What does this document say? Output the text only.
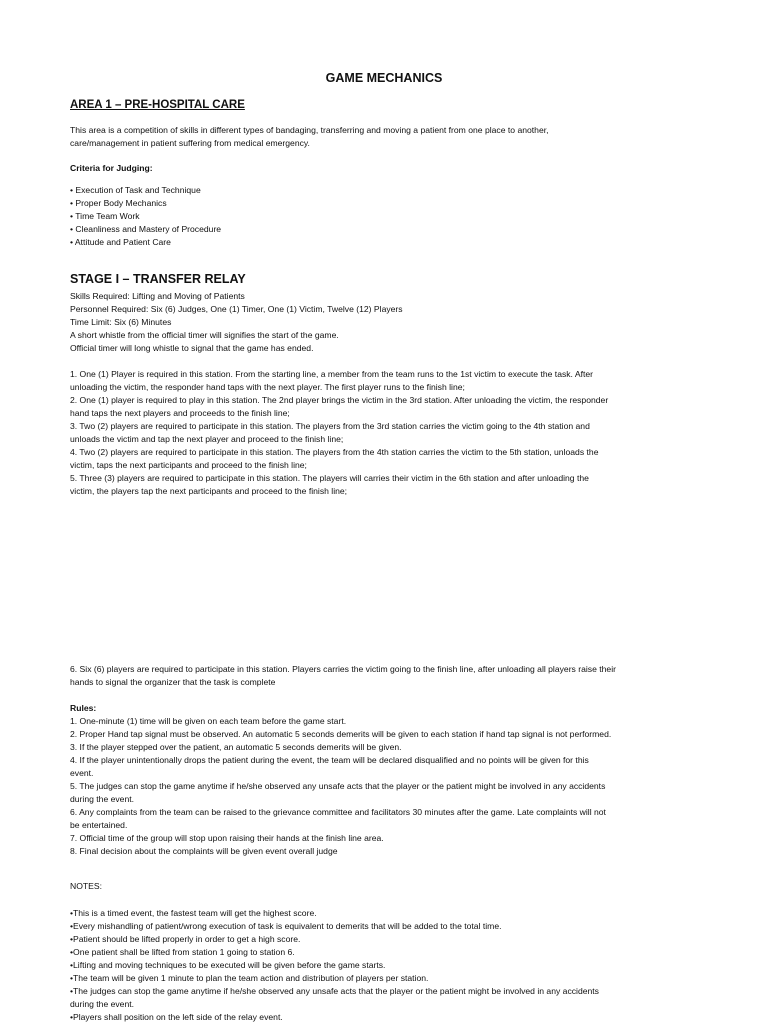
GAME MECHANICS
AREA 1 – PRE-HOSPITAL CARE

This area is a competition of skills in different types of bandaging, transferring and moving a patient from one place to another,

care/management in patient suffering from medical emergency.

Criteria for Judging:

• Execution of Task and Technique

• Proper Body Mechanics

• Time Team Work

• Cleanliness and Mastery of Procedure

• Attitude and Patient Care

STAGE I – TRANSFER RELAY

Skills Required: Lifting and Moving of Patients

Personnel Required: Six (6) Judges, One (1) Timer, One (1) Victim, Twelve (12) Players

Time Limit: Six (6) Minutes

A short whistle from the official timer will signifies the start of the game.

Official timer will long whistle to signal that the game has ended.

1. One (1) Player is required in this station. From the starting line, a member from the team runs to the 1st victim to execute the task. After

unloading the victim, the responder hand taps with the next player. The first player runs to the finish line;

2. One (1) player is required to play in this station. The 2nd player brings the victim in the 3rd station. After unloading the victim, the responder

hand taps the next players and proceeds to the finish line;

3. Two (2) players are required to participate in this station. The players from the 3rd station carries the victim going to the 4th station and

unloads the victim and tap the next player and proceed to the finish line;

4. Two (2) players are required to participate in this station. The players from the 4th station carries the victim to the 5th station, unloads the

victim, taps the next participants and proceed to the finish line;

5. Three (3) players are required to participate in this station. The players will carries their victim in the 6th station and after unloading the

victim, the players tap the next participants and proceed to the finish line;

6. Six (6) players are required to participate in this station. Players carries the victim going to the finish line, after unloading all players raise their

hands to signal the organizer that the task is complete

Rules:

1. One-minute (1) time will be given on each team before the game start.

2. Proper Hand tap signal must be observed. An automatic 5 seconds demerits will be given to each station if hand tap signal is not performed.

3. If the player stepped over the patient, an automatic 5 seconds demerits will be given.

4. If the player unintentionally drops the patient during the event, the team will be declared disqualified and no points will be given for this

event.

5. The judges can stop the game anytime if he/she observed any unsafe acts that the player or the patient might be involved in any accidents

during the event.

6. Any complaints from the team can be raised to the grievance committee and facilitators 30 minutes after the game. Late complaints will not

be entertained.

7. Official time of the group will stop upon raising their hands at the finish line area.

8. Final decision about the complaints will be given event overall judge

NOTES:

•This is a timed event, the fastest team will get the highest score.

•Every mishandling of patient/wrong execution of task is equivalent to demerits that will be added to the total time.

•Patient should be lifted properly in order to get a high score.

•One patient shall be lifted from station 1 going to station 6.

•Lifting and moving techniques to be executed will be given before the game starts.

•The team will be given 1 minute to plan the team action and distribution of players per station.

•The judges can stop the game anytime if he/she observed any unsafe acts that the player or the patient might be involved in any accidents

during the event.

•Players shall position on the left side of the relay event.
